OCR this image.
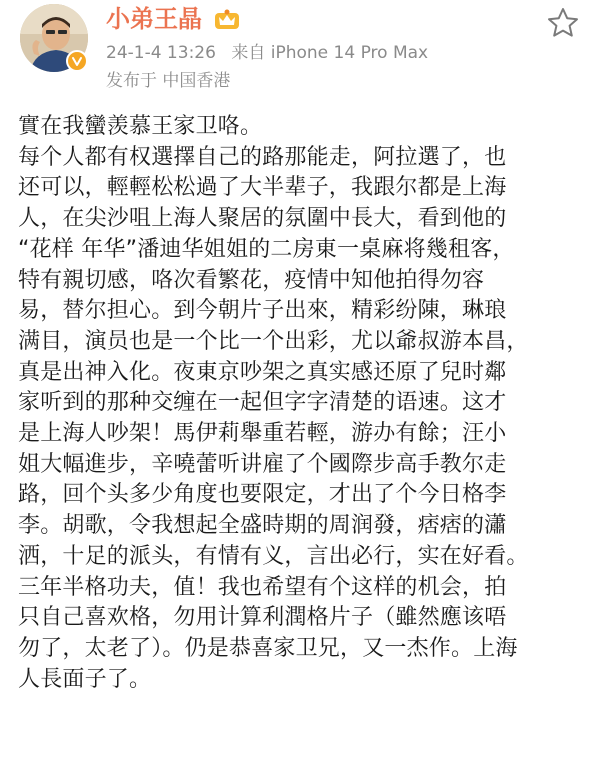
小弟王晶
24-1-4 13:26 来自 iPhone 14 Pro Max
发布于 中国香港
實在我蠻羡慕王家卫咯。
每个人都有权選擇自己的路那能走，阿拉選了，也
还可以，輕輕松松過了大半辈子，我跟尔都是上海
人，在尖沙咀上海人聚居的氛圍中長大，看到他的
“花样 年华”潘迪华姐姐的二房東一桌麻将幾租客，
特有親切感，咯次看繁花，疫情中知他拍得勿容
易，替尔担心。到今朝片子出來，精彩纷陳，琳琅
满目，演员也是一个比一个出彩，尤以爺叔游本昌，
真是出神入化。夜東京吵架之真实感还原了兒时鄰
家听到的那种交缠在一起但字字清楚的语速。这才
是上海人吵架！馬伊莉舉重若輕，游办有餘；汪小
姐大幅進步，辛嘵蕾听讲雇了个國際步高手教尔走
路，回个头多少角度也要限定，才出了个今日格李
李。胡歌，令我想起全盛時期的周润發，痞痞的瀟
洒，十足的派头，有情有义，言出必行，实在好看。
三年半格功夫，值！我也希望有个这样的机会，拍
只自己喜欢格，勿用计算利潤格片子（雖然應该唔
勿了，太老了）。仍是恭喜家卫兄，又一杰作。上海
人長面子了。
